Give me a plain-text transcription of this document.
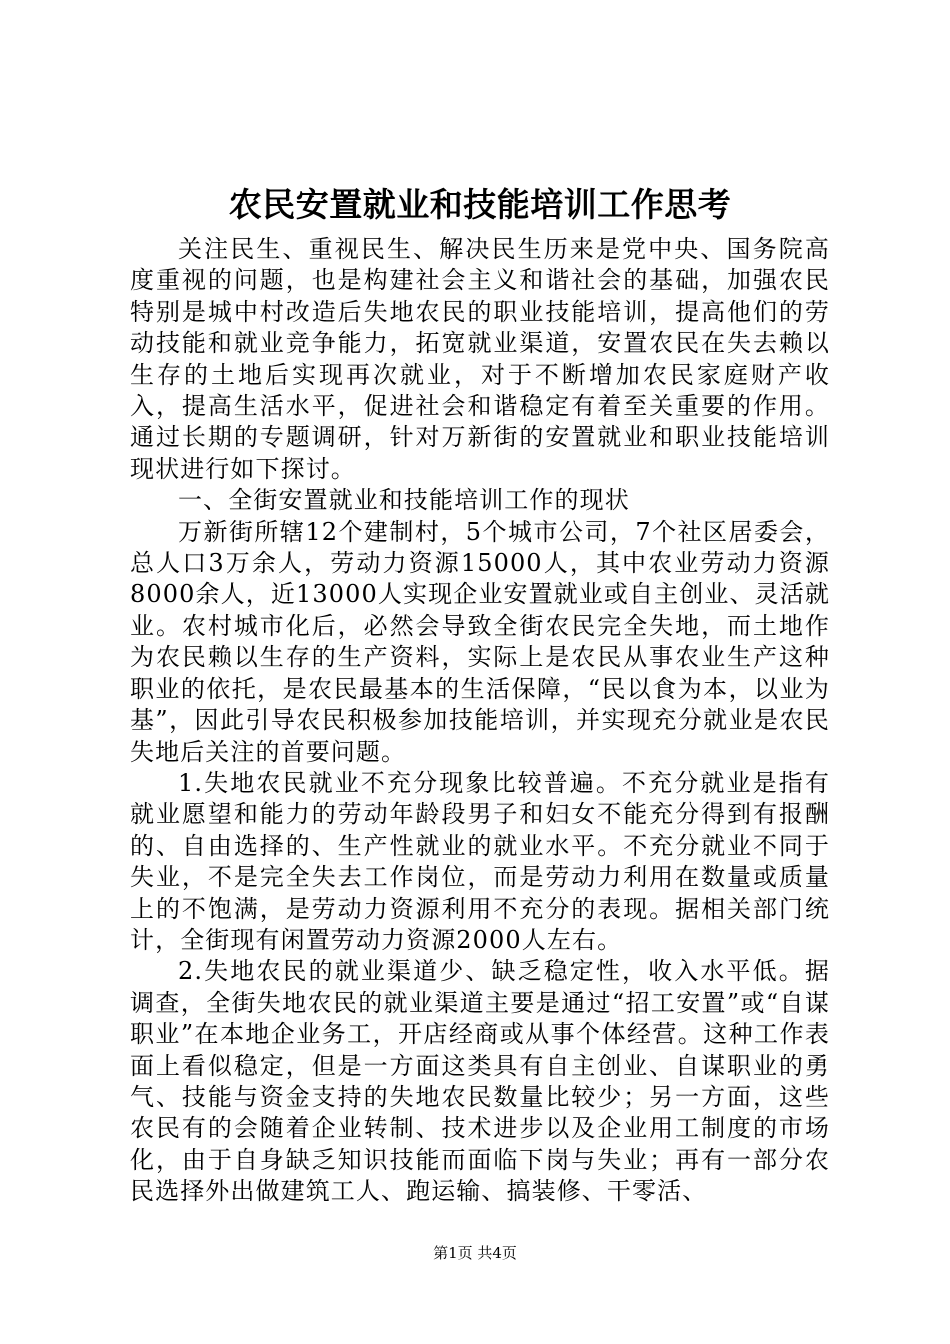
农民安置就业和技能培训工作思考

关注民生、重视民生、解决民生历来是党中央、国务院高度重视的问题，也是构建社会主义和谐社会的基础，加强农民特别是城中村改造后失地农民的职业技能培训，提高他们的劳动技能和就业竞争能力，拓宽就业渠道，安置农民在失去赖以生存的土地后实现再次就业，对于不断增加农民家庭财产收入，提高生活水平，促进社会和谐稳定有着至关重要的作用。通过长期的专题调研，针对万新街的安置就业和职业技能培训现状进行如下探讨。

一、全街安置就业和技能培训工作的现状

万新街所辖12个建制村，5个城市公司，7个社区居委会，总人口3万余人，劳动力资源15000人，其中农业劳动力资源8000余人，近13000人实现企业安置就业或自主创业、灵活就业。农村城市化后，必然会导致全街农民完全失地，而土地作为农民赖以生存的生产资料，实际上是农民从事农业生产这种职业的依托，是农民最基本的生活保障，“民以食为本，以业为基”，因此引导农民积极参加技能培训，并实现充分就业是农民失地后关注的首要问题。

1.失地农民就业不充分现象比较普遍。不充分就业是指有就业愿望和能力的劳动年龄段男子和妇女不能充分得到有报酬的、自由选择的、生产性就业的就业水平。不充分就业不同于失业，不是完全失去工作岗位，而是劳动力利用在数量或质量上的不饱满，是劳动力资源利用不充分的表现。据相关部门统计，全街现有闲置劳动力资源2000人左右。

2.失地农民的就业渠道少、缺乏稳定性，收入水平低。据调查，全街失地农民的就业渠道主要是通过“招工安置”或“自谋职业”在本地企业务工，开店经商或从事个体经营。这种工作表面上看似稳定，但是一方面这类具有自主创业、自谋职业的勇气、技能与资金支持的失地农民数量比较少；另一方面，这些农民有的会随着企业转制、技术进步以及企业用工制度的市场化，由于自身缺乏知识技能而面临下岗与失业；再有一部分农民选择外出做建筑工人、跑运输、搞装修、干零活、

第1页 共4页
